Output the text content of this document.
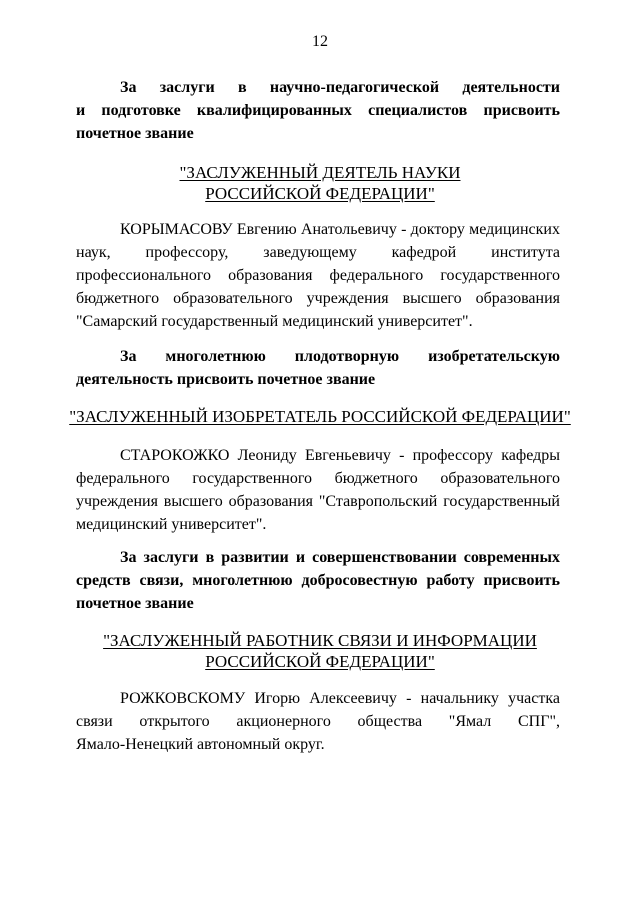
12
За заслуги в научно-педагогической деятельности
и подготовке квалифицированных специалистов присвоить
почетное звание
"ЗАСЛУЖЕННЫЙ ДЕЯТЕЛЬ НАУКИ
РОССИЙСКОЙ ФЕДЕРАЦИИ"
КОРЫМАСОВУ Евгению Анатольевичу - доктору медицинских
наук, профессору, заведующему кафедрой института
профессионального образования федерального государственного
бюджетного образовательного учреждения высшего образования
"Самарский государственный медицинский университет".
За многолетнюю плодотворную изобретательскую
деятельность присвоить почетное звание
"ЗАСЛУЖЕННЫЙ ИЗОБРЕТАТЕЛЬ РОССИЙСКОЙ ФЕДЕРАЦИИ"
СТАРОКОЖКО Леониду Евгеньевичу - профессору кафедры
федерального государственного бюджетного образовательного
учреждения высшего образования "Ставропольский государственный
медицинский университет".
За заслуги в развитии и совершенствовании современных
средств связи, многолетнюю добросовестную работу присвоить
почетное звание
"ЗАСЛУЖЕННЫЙ РАБОТНИК СВЯЗИ И ИНФОРМАЦИИ
РОССИЙСКОЙ ФЕДЕРАЦИИ"
РОЖКОВСКОМУ Игорю Алексеевичу - начальнику участка
связи открытого акционерного общества "Ямал СПГ",
Ямало-Ненецкий автономный округ.
